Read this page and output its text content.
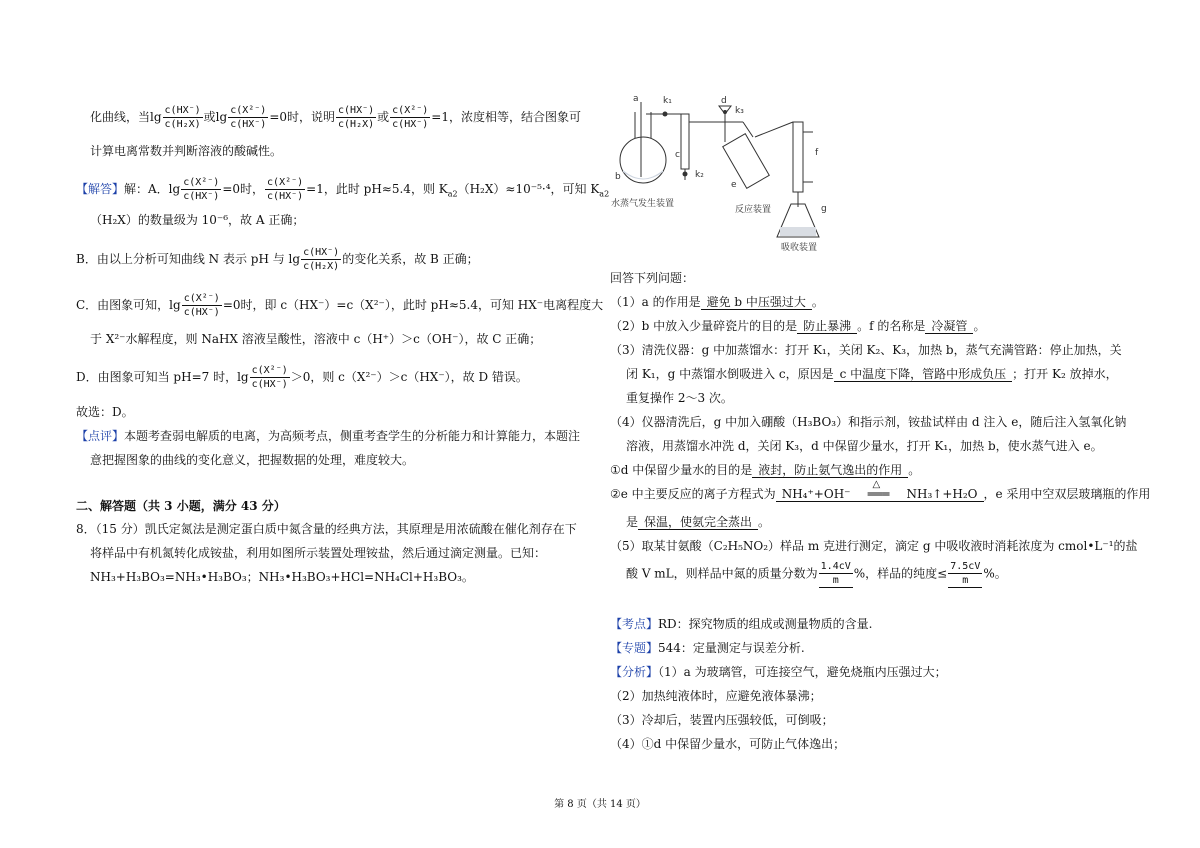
化曲线，当$\lg \frac{c(HX^-)}{\text{c(H₂X)}}$ 或$\lg \frac{\text{c(X²⁻)}}{c(HX^-)} =0$时，说明 $\frac{c(HX^-)}{\text{c(H₂X)}}$ 或 $\frac{\text{c(X²⁻)}}{c(HX^-)} =1$，浓度相等，结合图象可
计算电离常数并判断溶液的酸碱性。
【解答】解：A．$\lg \frac{\text{c(X²⁻)}}{c(HX^-)} =0$时， $\frac{\text{c(X²⁻)}}{c(HX^-)} =1$，此时 pH≈5.4，则 $K_{a2}(H_2X)\approx 10^{-5}\cdot^4$，可知 $K_{a2}$
（H₂X）的数量级为 10⁻⁶，故 A 正确；
B．由以上分析可知曲线 N 表示 pH 与 $\lg \frac{c(HX^-)}{\text{c(H₂X)}}$ 的变化关系，故 B 正确；
C．由图象可知，$\lg \frac{\text{c(X²⁻)}}{c(HX^-)} =0$时，即 c（HX⁻）=c（X²⁻），此时 pH≈5.4，可知 HX⁻电离程度大
于 X²⁻水解程度，则 NaHX 溶液呈酸性，溶液中 c（H⁺）＞c（OH⁻），故 C 正确；
D．由图象可知当 pH=7 时，$\lg \frac{\text{c(X²⁻)}}{c(HX^-)} >0$，则 c（X²⁻）＞c（HX⁻），故 D 错误。
故选：D。
【点评】本题考查弱电解质的电离，为高频考点，侧重考查学生的分析能力和计算能力，本题注
意把握图象的曲线的变化意义，把握数据的处理，难度较大。
二、解答题（共 3 小题，满分 43 分）
8．（15 分）凯氏定氮法是测定蛋白质中氮含量的经典方法，其原理是用浓硫酸在催化剂存在下
将样品中有机氮转化成铵盐，利用如图所示装置处理铵盐，然后通过滴定测量。已知：
NH₃+H₃BO₃=NH₃•H₃BO₃；NH₃•H₃BO₃+HCl=NH₄Cl+H₃BO₃。
a	k₁
b
c
k₂
d
k₃
e
f
g
水蒸气发生装置
反应装置
吸收装置
回答下列问题：
（1）a 的作用是 避免 b 中压强过大 。
（2）b 中放入少量碎瓷片的目的是 防止暴沸 。f 的名称是 冷凝管 。
（3）清洗仪器：g 中加蒸馏水：打开 K₁，关闭 K₂、K₃，加热 b，蒸气充满管路：停止加热，关
闭 K₁，g 中蒸馏水倒吸进入 c，原因是 c 中温度下降，管路中形成负压 ；打开 K₂ 放掉水，
重复操作 2～3 次。
（4）仪器清洗后，g 中加入硼酸（H₃BO₃）和指示剂，铵盐试样由 d 注入 e，随后注入氢氧化钠
溶液，用蒸馏水冲洗 d，关闭 K₃，d 中保留少量水，打开 K₁，加热 b，使水蒸气进入 e。
①d 中保留少量水的目的是 液封，防止氨气逸出的作用 。
②e 中主要反应的离子方程式为 NH₄⁺+OH⁻
△
═══ NH₃↑+H₂O ，e 采用中空双层玻璃瓶的作用
是 保温，使氨完全蒸出 。
（5）取某甘氨酸（C₂H₅NO₂）样品 m 克进行测定，滴定 g 中吸收液时消耗浓度为 cmol•L⁻¹的盐
酸 V mL，则样品中氮的质量分数为 $\frac{1.4cV}{m}$ %，样品的纯度≤ $\frac{7.5cV}{m}$ %。
【考点】RD：探究物质的组成或测量物质的含量.
【专题】544：定量测定与误差分析.
【分析】（1）a 为玻璃管，可连接空气，避免烧瓶内压强过大；
（2）加热纯液体时，应避免液体暴沸；
（3）冷却后，装置内压强较低，可倒吸；
（4）①d 中保留少量水，可防止气体逸出；
第 8 页（共 14 页）
